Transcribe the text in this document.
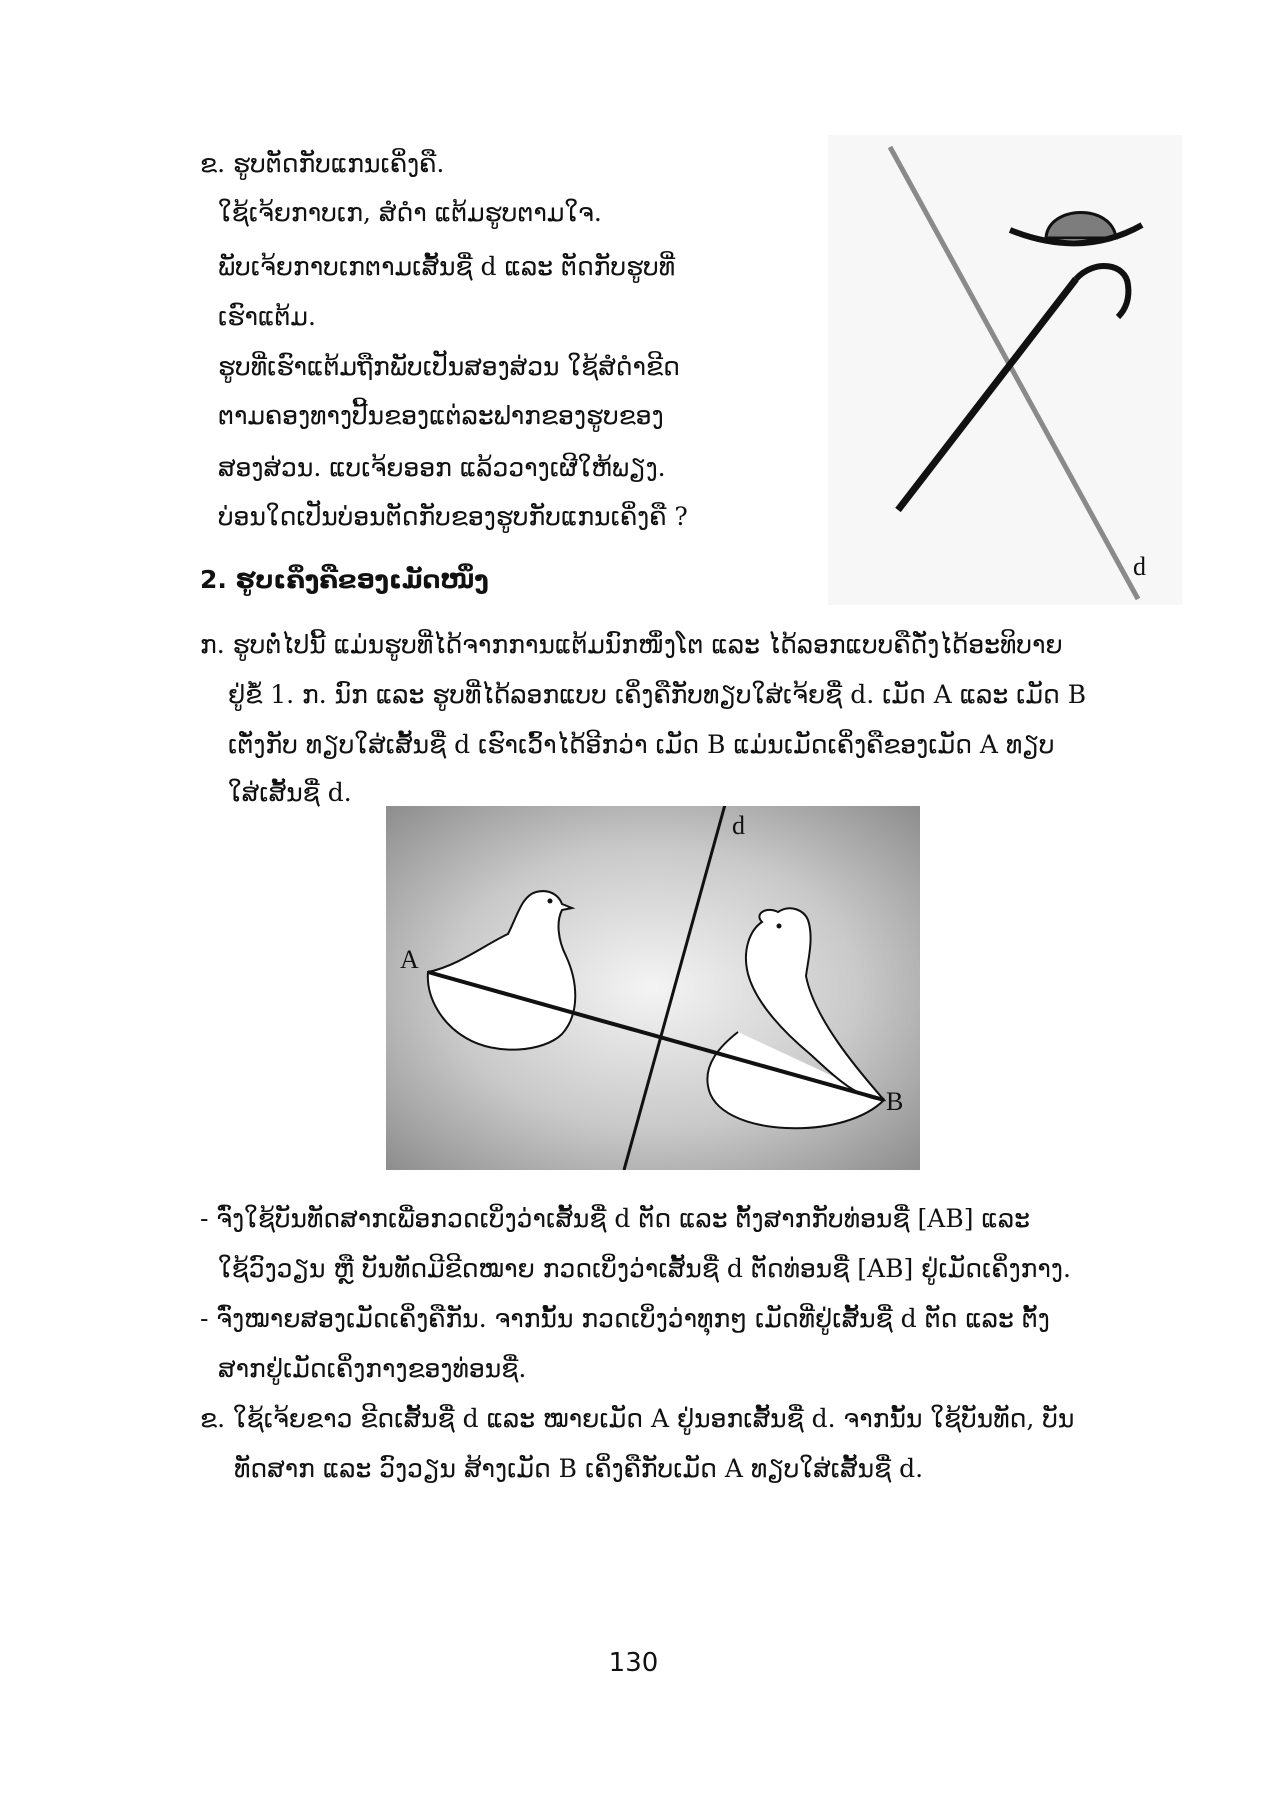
ຂ. ຮູບຕັດກັບແກນເຄິ່ງຄື.
ໃຊ້ເຈ້ຍກາບເກ, ສໍດໍາ ແຕ້ມຮູບຕາມໃຈ.
ພັບເຈ້ຍກາບເກຕາມເສັ້ນຊື່ d ແລະ ຕັດກັບຮູບທີ່
ເຮົາແຕ້ມ.
ຮູບທີ່ເຮົາແຕ້ມຖືກພັບເປັນສອງສ່ວນ ໃຊ້ສໍດໍາຂີດ
ຕາມຄອງທາງປີ້ນຂອງແຕ່ລະຟາກຂອງຮູບຂອງ
ສອງສ່ວນ. ແບເຈ້ຍອອກ ແລ້ວວາງເຜີໃຫ້ພຽງ.
ບ່ອນໃດເປັນບ່ອນຕັດກັບຂອງຮູບກັບແກນເຄິ່ງຄື ?
d
2. ຮູບເຄິ່ງຄືຂອງເມັດໜຶ່ງ
ກ. ຮູບຕໍ່ໄປນີ້ ແມ່ນຮູບທີ່ໄດ້ຈາກການແຕ້ມນົກໜຶ່ງໂຕ ແລະ ໄດ້ລອກແບບຄືດັ່ງໄດ້ອະທິບາຍ
ຢູ່ຂໍ້ 1. ກ. ນົກ ແລະ ຮູບທີ່ໄດ້ລອກແບບ ເຄິ່ງຄືກັບທຽບໃສ່ເຈ້ຍຊື່ d. ເມັດ A ແລະ ເມັດ B
ເຕັ່ງກັບ ທຽບໃສ່ເສັ້ນຊື່ d ເຮົາເວົ້າໄດ້ອີກວ່າ ເມັດ B ແມ່ນເມັດເຄິ່ງຄືຂອງເມັດ A ທຽບ
ໃສ່ເສັ້ນຊື່ d.
A
B
d
- ຈົ່ງໃຊ້ບັນທັດສາກເພື່ອກວດເບິ່ງວ່າເສັ້ນຊື່ d ຕັດ ແລະ ຕັ້ງສາກກັບທ່ອນຊື່ [AB] ແລະ
ໃຊ້ວົງວຽນ ຫຼື ບັນທັດມີຂີດໝາຍ ກວດເບິ່ງວ່າເສັ້ນຊື່ d ຕັດທ່ອນຊື່ [AB] ຢູ່ເມັດເຄິ່ງກາງ.
- ຈົ່ງໝາຍສອງເມັດເຄິ່ງຄືກັນ. ຈາກນັ້ນ ກວດເບິ່ງວ່າທຸກໆ ເມັດທີ່ຢູ່ເສັ້ນຊື່ d ຕັດ ແລະ ຕັ້ງ
ສາກຢູ່ເມັດເຄິ່ງກາງຂອງທ່ອນຊື່.
ຂ. ໃຊ້ເຈ້ຍຂາວ ຂີດເສັ້ນຊື່ d ແລະ ໝາຍເມັດ A ຢູ່ນອກເສັ້ນຊື່ d. ຈາກນັ້ນ ໃຊ້ບັນທັດ, ບັນ
ທັດສາກ ແລະ ວົງວຽນ ສ້າງເມັດ B ເຄິ່ງຄືກັບເມັດ A ທຽບໃສ່ເສັ້ນຊື່ d.
130
